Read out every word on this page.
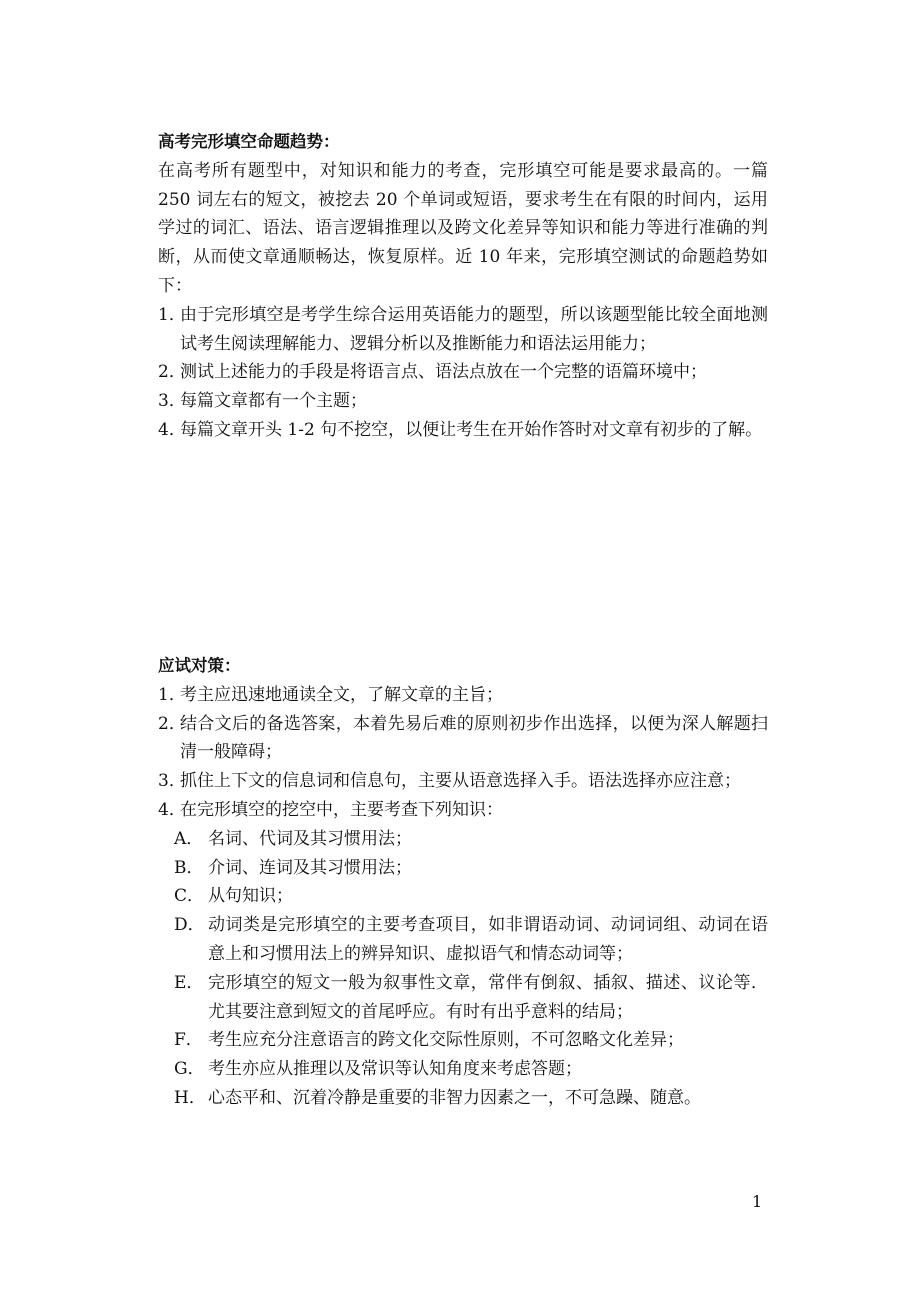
高考完形填空命题趋势：
在高考所有题型中，对知识和能力的考查，完形填空可能是要求最高的。一篇 250 词左右的短文，被挖去 20 个单词或短语，要求考生在有限的时间内，运用学过的词汇、语法、语言逻辑推理以及跨文化差异等知识和能力等进行准确的判断，从而使文章通顺畅达，恢复原样。近 10 年来，完形填空测试的命题趋势如下：
1．
由于完形填空是考学生综合运用英语能力的题型，所以该题型能比较全面地测试考生阅读理解能力、逻辑分析以及推断能力和语法运用能力；
2．
测试上述能力的手段是将语言点、语法点放在一个完整的语篇环境中；
3．
每篇文章都有一个主题；
4．
每篇文章开头 1-2 句不挖空，以便让考生在开始作答时对文章有初步的了解。
应试对策：
1．
考主应迅速地通读全文，了解文章的主旨；
2．
结合文后的备选答案，本着先易后难的原则初步作出选择，以便为深人解题扫清一般障碍；
3．
抓住上下文的信息词和信息句，主要从语意选择入手。语法选择亦应注意；
4．
在完形填空的挖空中，主要考查下列知识：
A． 名词、代词及其习惯用法；
B． 介词、连词及其习惯用法；
C． 从句知识；
D． 动词类是完形填空的主要考查项目，如非谓语动词、动词词组、动词在语意上和习惯用法上的辨异知识、虚拟语气和情态动词等；
E． 完形填空的短文一般为叙事性文章，常伴有倒叙、插叙、描述、议论等．尤其要注意到短文的首尾呼应。有时有出乎意料的结局；
F． 考生应充分注意语言的跨文化交际性原则，不可忽略文化差异；
G． 考生亦应从推理以及常识等认知角度来考虑答题；
H． 心态平和、沉着冷静是重要的非智力因素之一，不可急躁、随意。
1
